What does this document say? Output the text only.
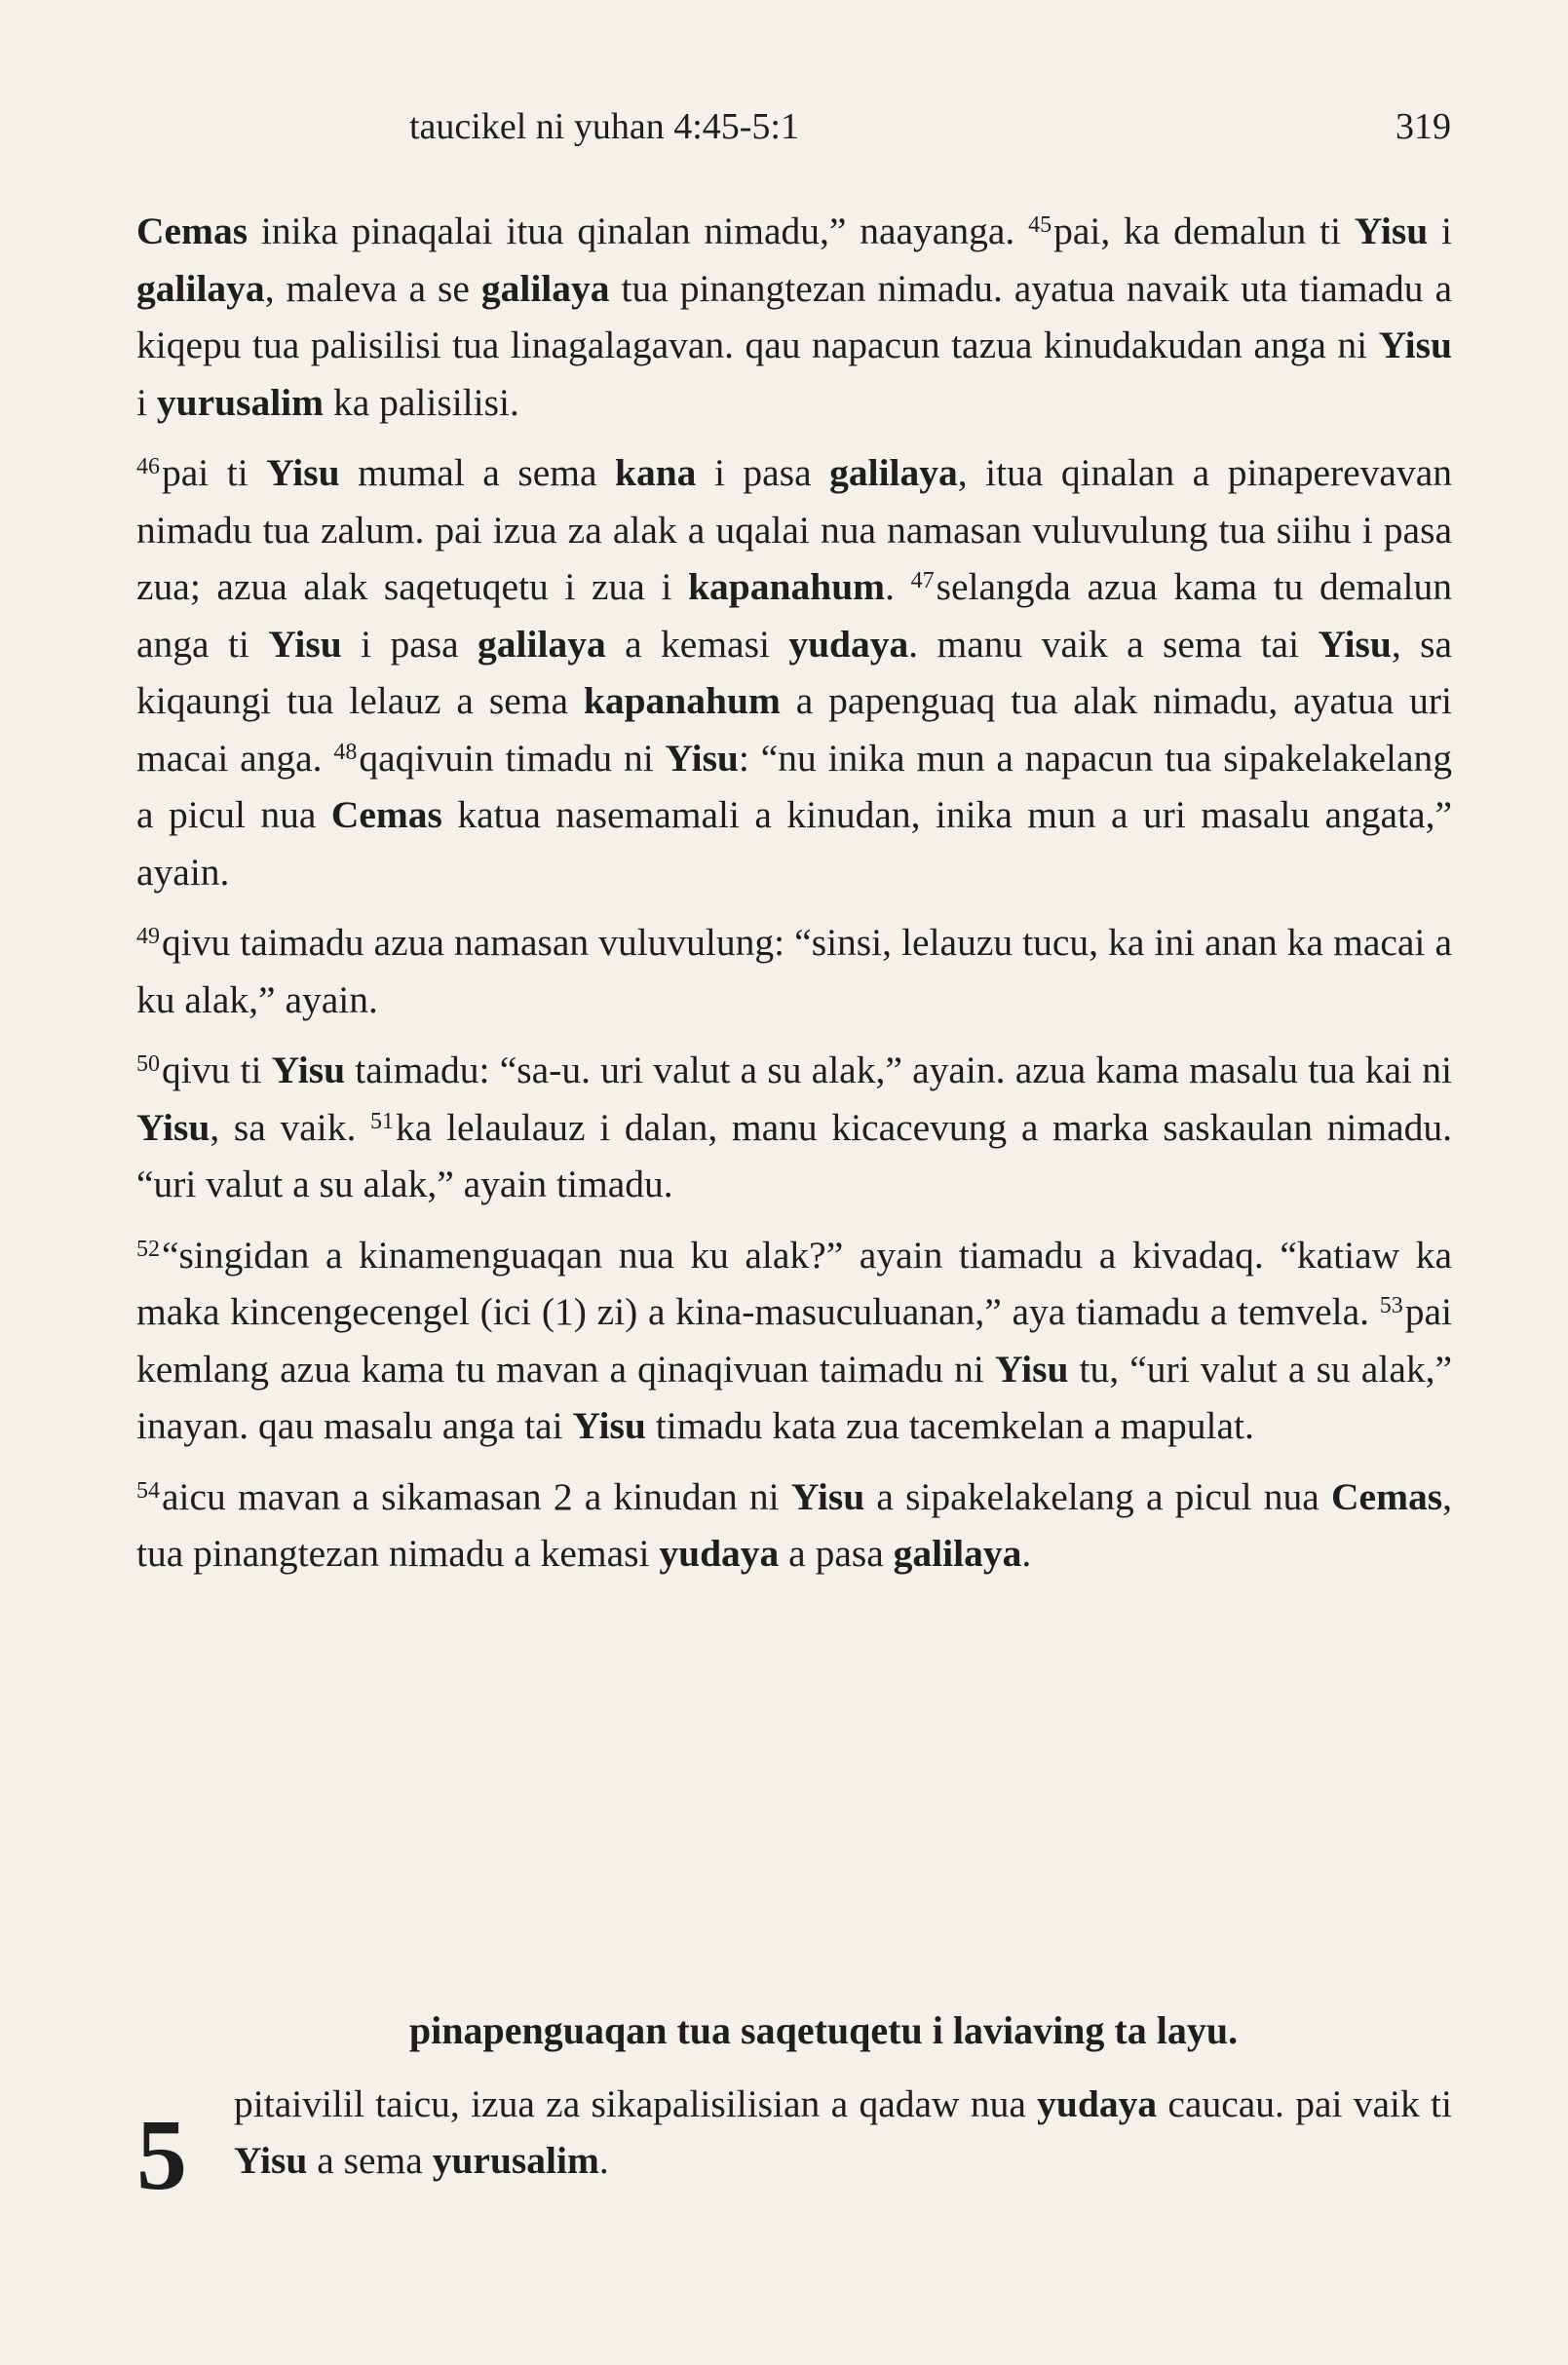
taucikel ni yuhan 4:45-5:1	319

Cemas inika pinaqalai itua qinalan nimadu,” naayanga. $^{45}$pai, ka demalun ti Yisu i galilaya, maleva a se galilaya tua pinangtezan nimadu. ayatua navaik uta tiamadu a kiqepu tua palisilisi tua linagalagavan. qau napacun tazua kinudakudan anga ni Yisu i yurusalim ka palisilisi.

$^{46}$pai ti Yisu mumal a sema kana i pasa galilaya, itua qinalan a pinaperevavan nimadu tua zalum. pai izua za alak a uqalai nua namasan vuluvulung tua siihu i pasa zua; azua alak saqetuqetu i zua i kapanahum. $^{47}$selangda azua kama tu demalun anga ti Yisu i pasa galilaya a kemasi yudaya. manu vaik a sema tai Yisu, sa kiqaungi tua lelauz a sema kapanahum a papenguaq tua alak nimadu, ayatua uri macai anga. $^{48}$qaqivuin timadu ni Yisu: “nu inika mun a napacun tua sipakelakelang a picul nua Cemas katua nasemamali a kinudan, inika mun a uri masalu angata,” ayain.

$^{49}$qivu taimadu azua namasan vuluvulung: “sinsi, lelauzu tucu, ka ini anan ka macai a ku alak,” ayain.

$^{50}$qivu ti Yisu taimadu: “sa-u. uri valut a su alak,” ayain. azua kama masalu tua kai ni Yisu, sa vaik. $^{51}$ka lelaulauz i dalan, manu kicacevung a marka saskaulan nimadu. “uri valut a su alak,” ayain timadu.

$^{52}$“singidan a kinamenguaqan nua ku alak?” ayain tiamadu a kivadaq. “katiaw ka maka kincengecengel (ici (1) zi) a kina-masuculuanan,” aya tiamadu a temvela. $^{53}$pai kemlang azua kama tu mavan a qinaqivuan taimadu ni Yisu tu, “uri valut a su alak,” inayan. qau masalu anga tai Yisu timadu kata zua tacemkelan a mapulat.

$^{54}$aicu mavan a sikamasan 2 a kinudan ni Yisu a sipakelakelang a picul nua Cemas, tua pinangtezan nimadu a kemasi yudaya a pasa galilaya.

pinapenguaqan tua saqetuqetu i laviaving ta layu.
5 pitaivilil taicu, izua za sikapalisilisian a qadaw nua yudaya caucau. pai vaik ti Yisu a sema yurusalim.
